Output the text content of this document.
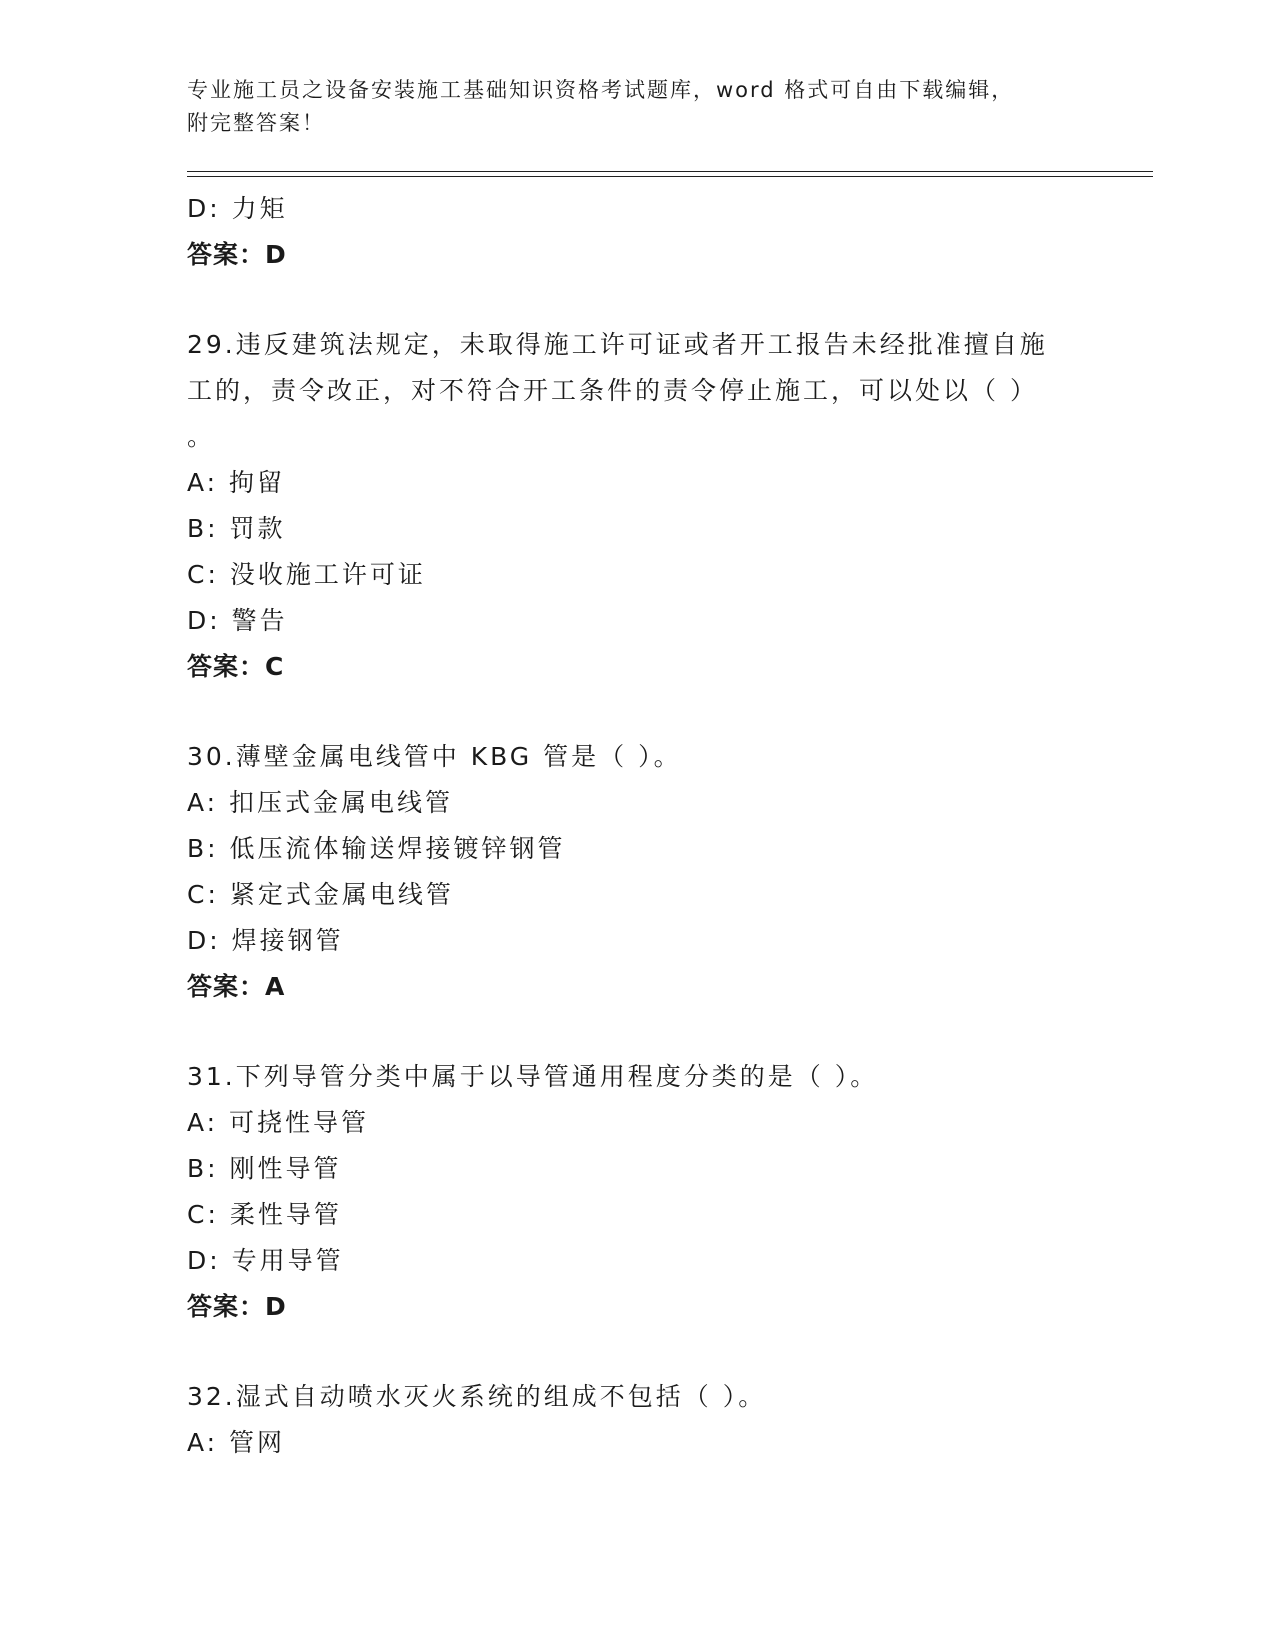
专业施工员之设备安装施工基础知识资格考试题库，word 格式可自由下载编辑，
附完整答案！
D: 力矩
答案：D
29.违反建筑法规定，未取得施工许可证或者开工报告未经批准擅自施
工的，责令改正，对不符合开工条件的责令停止施工，可以处以（ ）
。
A: 拘留
B: 罚款
C: 没收施工许可证
D: 警告
答案：C
30.薄壁金属电线管中 KBG 管是（ ）。
A: 扣压式金属电线管
B: 低压流体输送焊接镀锌钢管
C: 紧定式金属电线管
D: 焊接钢管
答案：A
31.下列导管分类中属于以导管通用程度分类的是（ ）。
A: 可挠性导管
B: 刚性导管
C: 柔性导管
D: 专用导管
答案：D
32.湿式自动喷水灭火系统的组成不包括（ ）。
A: 管网
